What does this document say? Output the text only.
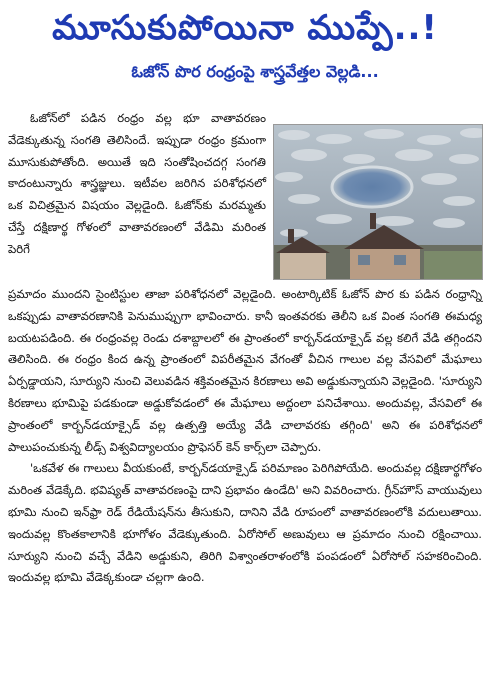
మూసుకుపోయినా ముప్పే..!
ఓజోన్ పొర రంధ్రంపై శాస్త్రవేత్తల వెల్లడి...

ఓజోన్‌లో పడిన రంధ్రం వల్ల భూ వాతావరణం వేడెక్కుతున్న సంగతి తెలిసిందే. ఇప్పుడా రంధ్రం క్రమంగా మూసుకుపోతోంది. అయితే ఇది సంతోషించదగ్గ సంగతి కాదంటున్నారు శాస్త్రజ్ఞులు. ఇటీవల జరిగిన పరిశోధనలో ఒక విచిత్రమైన విషయం వెల్లడైంది. ఓజోన్‌కు మరమ్మతు చేస్తే దక్షిణార్థ గోళంలో వాతావరణంలో వేడిమి మరింత పెరిగే

ప్రమాదం ముందని సైంటిస్టుల తాజా పరిశోధనలో వెల్లడైంది. అంటార్కిటిక్ ఓజోన్ పొర కు పడిన రంధ్రాన్ని ఒకప్పుడు వాతావరణానికి పెనుముప్పుగా భావించారు. కానీ ఇంతవరకు తెలీని ఒక వింత సంగతి ఈమధ్య బయటపడింది. ఈ రంధ్రంవల్ల రెండు దశాబ్దాలలో ఈ ప్రాంతంలో కార్బన్‌డయాక్సైడ్ వల్ల కలిగే వేడి తగ్గిందని తెలిసింది. ఈ రంధ్రం కింద ఉన్న ప్రాంతంలో విపరీతమైన వేగంతో వీచిన గాలుల వల్ల వేసవిలో మేఘాలు ఏర్పడ్డాయని, సూర్యుని నుంచి వెలువడిన శక్తివంతమైన కిరణాలు అవి అడ్డుకున్నాయని వెల్లడైంది. 'సూర్యుని కిరణాలు భూమిపై పడకుండా అడ్డుకోవడంలో ఈ మేఘాలు అద్దంలా పనిచేశాయి. అందువల్ల, వేసవిలో ఈ ప్రాంతంలో కార్బన్‌డయాక్సైడ్ వల్ల ఉత్పత్తి అయ్యే వేడి చాలావరకు తగ్గింది' అని ఈ పరిశోధనలో పాలుపంచుకున్న లీడ్స్ విశ్వవిద్యాలయం ప్రొఫెసర్ కెన్ కార్స్‌లా చెప్పారు.

'ఒకవేళ ఈ గాలులు వీయకుంటే, కార్బన్‌డయాక్సైడ్ పరిమాణం పెరిగిపోయేది. అందువల్ల దక్షిణార్థగోళం మరింత వేడెక్కేది. భవిష్యత్ వాతావరణంపై దాని ప్రభావం ఉండేది' అని వివరించారు. గ్రీన్‌హౌస్ వాయువులు భూమి నుంచి ఇన్‌ఫ్రా రెడ్ రేడియేషన్‌ను తీసుకుని, దానిని వేడి రూపంలో వాతావరణంలోకి వదులుతాయి. ఇందువల్ల కొంతకాలానికి భూగోళం వేడెక్కుతుంది. ఏరోసోల్ అణువులు ఆ ప్రమాదం నుంచి రక్షించాయి. సూర్యుని నుంచి వచ్చే వేడిని అడ్డుకుని, తిరిగి విశ్వాంతరాళంలోకి పంపడంలో ఏరోసోల్ సహకరించింది. ఇందువల్ల భూమి వేడెక్కకుండా చల్లగా ఉంది.
